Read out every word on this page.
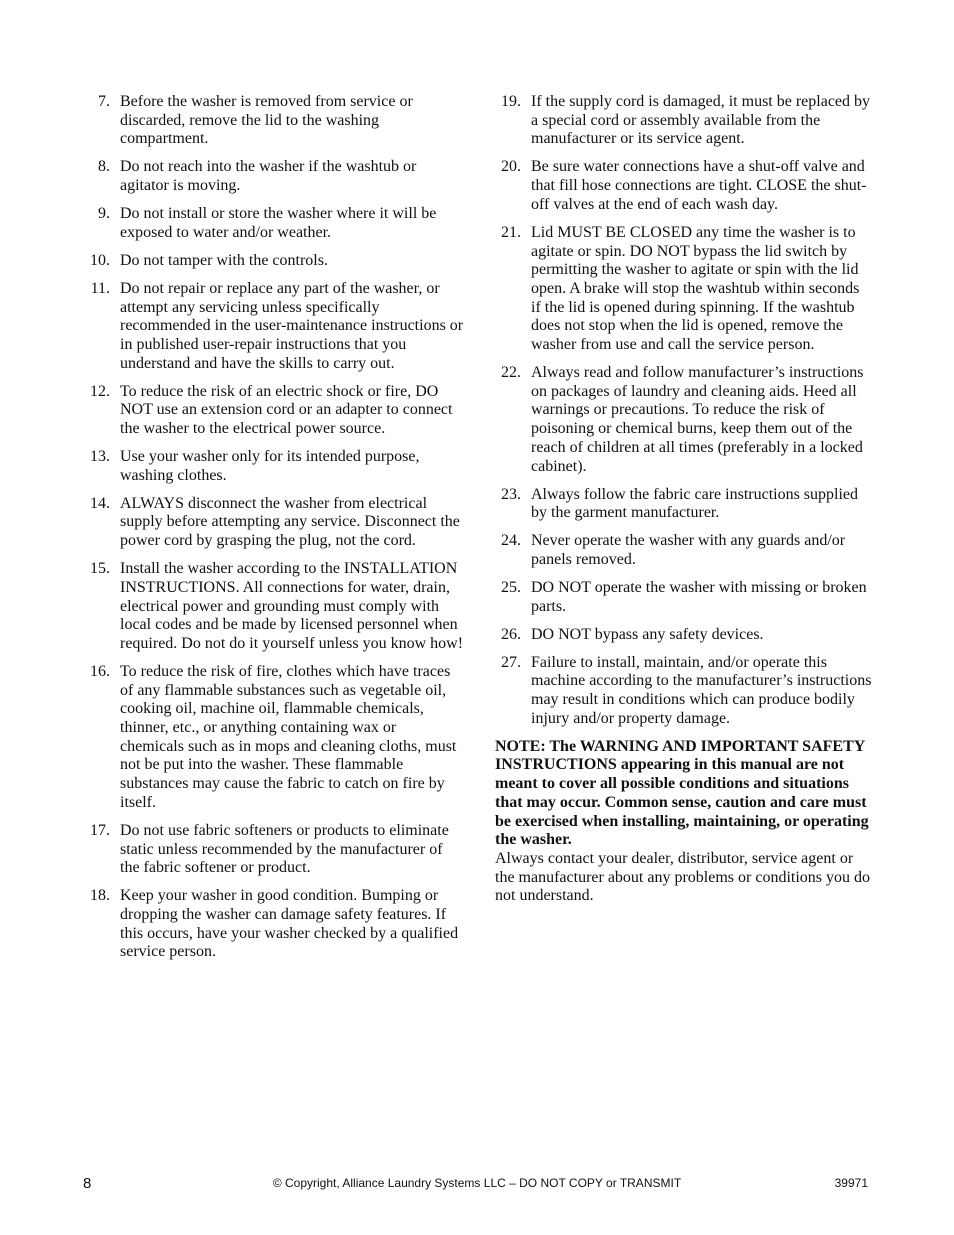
7. Before the washer is removed from service or discarded, remove the lid to the washing compartment.
8. Do not reach into the washer if the washtub or agitator is moving.
9. Do not install or store the washer where it will be exposed to water and/or weather.
10. Do not tamper with the controls.
11. Do not repair or replace any part of the washer, or attempt any servicing unless specifically recommended in the user-maintenance instructions or in published user-repair instructions that you understand and have the skills to carry out.
12. To reduce the risk of an electric shock or fire, DO NOT use an extension cord or an adapter to connect the washer to the electrical power source.
13. Use your washer only for its intended purpose, washing clothes.
14. ALWAYS disconnect the washer from electrical supply before attempting any service. Disconnect the power cord by grasping the plug, not the cord.
15. Install the washer according to the INSTALLATION INSTRUCTIONS. All connections for water, drain, electrical power and grounding must comply with local codes and be made by licensed personnel when required. Do not do it yourself unless you know how!
16. To reduce the risk of fire, clothes which have traces of any flammable substances such as vegetable oil, cooking oil, machine oil, flammable chemicals, thinner, etc., or anything containing wax or chemicals such as in mops and cleaning cloths, must not be put into the washer. These flammable substances may cause the fabric to catch on fire by itself.
17. Do not use fabric softeners or products to eliminate static unless recommended by the manufacturer of the fabric softener or product.
18. Keep your washer in good condition. Bumping or dropping the washer can damage safety features. If this occurs, have your washer checked by a qualified service person.
19. If the supply cord is damaged, it must be replaced by a special cord or assembly available from the manufacturer or its service agent.
20. Be sure water connections have a shut-off valve and that fill hose connections are tight. CLOSE the shut-off valves at the end of each wash day.
21. Lid MUST BE CLOSED any time the washer is to agitate or spin. DO NOT bypass the lid switch by permitting the washer to agitate or spin with the lid open. A brake will stop the washtub within seconds if the lid is opened during spinning. If the washtub does not stop when the lid is opened, remove the washer from use and call the service person.
22. Always read and follow manufacturer’s instructions on packages of laundry and cleaning aids. Heed all warnings or precautions. To reduce the risk of poisoning or chemical burns, keep them out of the reach of children at all times (preferably in a locked cabinet).
23. Always follow the fabric care instructions supplied by the garment manufacturer.
24. Never operate the washer with any guards and/or panels removed.
25. DO NOT operate the washer with missing or broken parts.
26. DO NOT bypass any safety devices.
27. Failure to install, maintain, and/or operate this machine according to the manufacturer’s instructions may result in conditions which can produce bodily injury and/or property damage.

NOTE: The WARNING AND IMPORTANT SAFETY INSTRUCTIONS appearing in this manual are not meant to cover all possible conditions and situations that may occur. Common sense, caution and care must be exercised when installing, maintaining, or operating the washer.

Always contact your dealer, distributor, service agent or the manufacturer about any problems or conditions you do not understand.

8	© Copyright, Alliance Laundry Systems LLC – DO NOT COPY or TRANSMIT	39971
